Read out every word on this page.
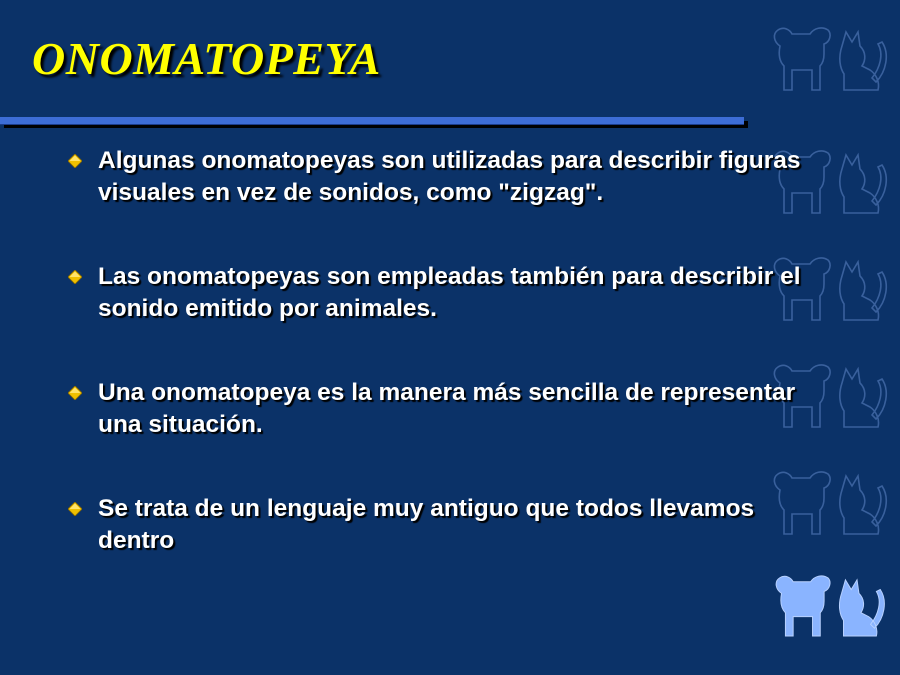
ONOMATOPEYA
Algunas onomatopeyas son utilizadas para describir figuras visuales en vez de sonidos, como "zigzag".
Las onomatopeyas son empleadas también para describir el sonido emitido por animales.
Una onomatopeya es la manera más sencilla de representar una situación.
Se trata de un lenguaje muy antiguo que todos llevamos dentro
